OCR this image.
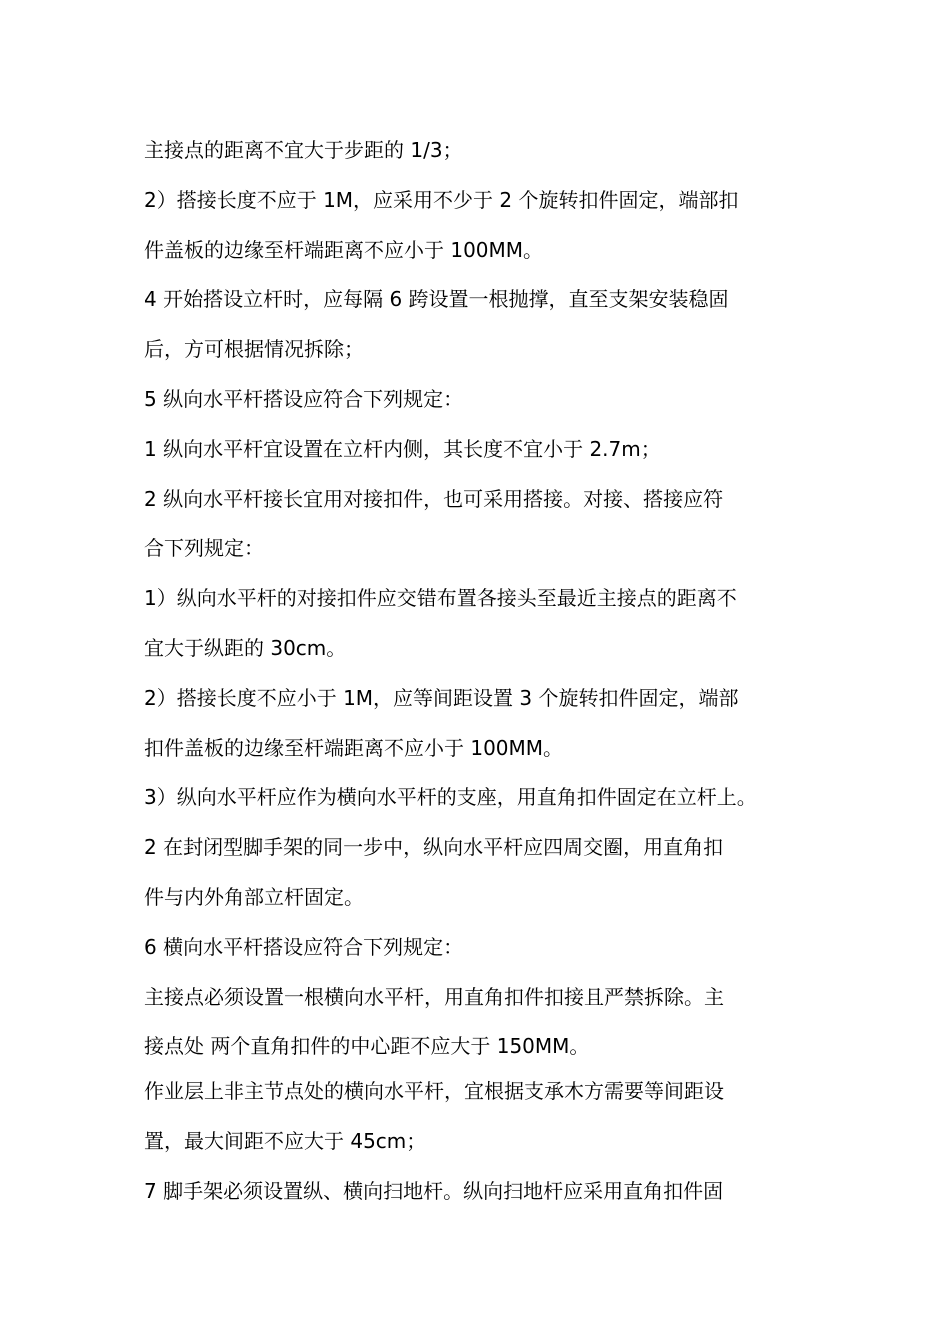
主接点的距离不宜大于步距的 1/3；
2）搭接长度不应于 1M，应采用不少于 2 个旋转扣件固定，端部扣
件盖板的边缘至杆端距离不应小于 100MM。
4 开始搭设立杆时，应每隔 6 跨设置一根抛撑，直至支架安装稳固
后，方可根据情况拆除；
5 纵向水平杆搭设应符合下列规定：
1 纵向水平杆宜设置在立杆内侧，其长度不宜小于 2.7m；
2 纵向水平杆接长宜用对接扣件，也可采用搭接。对接、搭接应符
合下列规定：
1）纵向水平杆的对接扣件应交错布置各接头至最近主接点的距离不
宜大于纵距的 30cm。
2）搭接长度不应小于 1M，应等间距设置 3 个旋转扣件固定，端部
扣件盖板的边缘至杆端距离不应小于 100MM。
3）纵向水平杆应作为横向水平杆的支座，用直角扣件固定在立杆上。
2 在封闭型脚手架的同一步中，纵向水平杆应四周交圈，用直角扣
件与内外角部立杆固定。
6 横向水平杆搭设应符合下列规定：
主接点必须设置一根横向水平杆，用直角扣件扣接且严禁拆除。主
接点处 两个直角扣件的中心距不应大于 150MM。
作业层上非主节点处的横向水平杆，宜根据支承木方需要等间距设
置，最大间距不应大于 45cm；
7 脚手架必须设置纵、横向扫地杆。纵向扫地杆应采用直角扣件固
